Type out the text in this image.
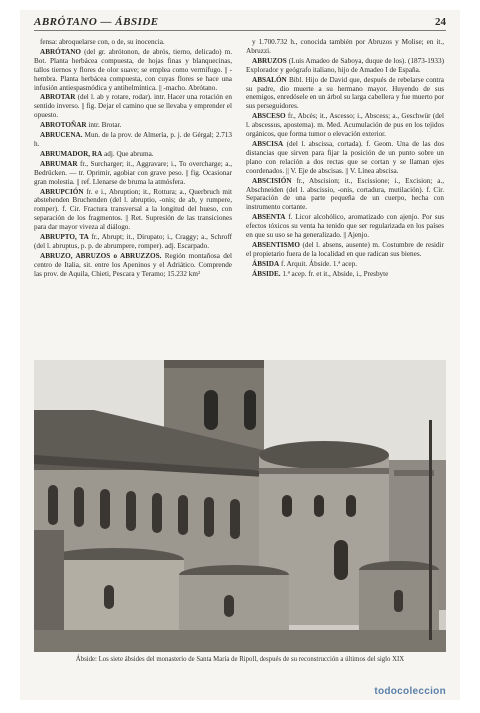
ABRÓTANO — ÁBSIDE	24

fensa: abroquelarse con, o de, su inocencia.

ABRÓTANO (del gr. abrótonon, de abrós, tierno, delicado) m. Bot. Planta herbácea compuesta, de hojas finas y blanquecinas, tallos tiernos y flores de olor suave; se emplea como vermífugo. || -hembra. Planta herbácea compuesta, con cuyas flores se hace una infusión antiespasmódica y antihelmíntica. || -macho. Abrótano.

ABROTAR (del l. ab y rotare, rodar). intr. Hacer una rotación en sentido inverso. || fig. Dejar el camino que se llevaba y emprender el opuesto.

ABROTOÑAR intr. Brotar.

ABRUCENA. Mun. de la prov. de Almería, p. j. de Gérgal; 2.713 h.

ABRUMADOR, RA adj. Que abruma.

ABRUMAR fr., Surcharger; it., Aggravare; i., To overcharge; a., Bedrücken. — tr. Oprimir, agobiar con grave peso. || fig. Ocasionar gran molestia. || ref. Llenarse de bruma la atmósfera.

ABRUPCIÓN fr. e i., Abruption; it., Rottura; a., Querbruch mit abstehenden Bruchenden (del l. abruptio, -onis; de ab, y rumpere, romper). f. Cir. Fractura transversal a la longitud del hueso, con separación de los fragmentos. || Ret. Supresión de las transiciones para dar mayor viveza al diálogo.

ABRUPTO, TA fr., Abrupt; it., Dirupato; i., Craggy; a., Schroff (del l. abruptus, p. p. de abrumpere, romper). adj. Escarpado.

ABRUZO, ABRUZOS o ABRUZZOS. Región montañosa del centro de Italia, sit. entre los Apeninos y el Adriático. Comprende las prov. de Aquila, Chieti, Pescara y Teramo; 15.232 km²

y 1.700.732 h., conocida también por Abruzos y Molise; en it., Abruzzi.

ABRUZOS (Luis Amadeo de Saboya, duque de los). (1873-1933) Explorador y geógrafo italiano, hijo de Amadeo I de España.

ABSALÓN Bibl. Hijo de David que, después de rebelarse contra su padre, dio muerte a su hermano mayor. Huyendo de sus enemigos, enredósele en un árbol su larga cabellera y fue muerto por sus perseguidores.

ABSCESO fr., Abcès; it., Ascesso; i., Abscess; a., Geschwür (del l. abscessus, apostema). m. Med. Acumulación de pus en los tejidos orgánicos, que forma tumor o elevación exterior.

ABSCISA (del l. abscissa, cortada). f. Geom. Una de las dos distancias que sirven para fijar la posición de un punto sobre un plano con relación a dos rectas que se cortan y se llaman ejes coordenados. || V. Eje de abscisas. || V. Línea abscisa.

ABSCISIÓN fr., Abscision; it., Escissione; i., Excision; a., Abschneiden (del l. abscissio, -onis, cortadura, mutilación). f. Cir. Separación de una parte pequeña de un cuerpo, hecha con instrumento cortante.

ABSENTA f. Licor alcohólico, aromatizado con ajenjo. Por sus efectos tóxicos su venta ha tenido que ser regularizada en los países en que su uso se ha generalizado. || Ajenjo.

ABSENTISMO (del l. absens, ausente) m. Costumbre de residir el propietario fuera de la localidad en que radican sus bienes.

ÁBSIDA f. Arquit. Ábside. 1.ª acep.

ÁBSIDE. 1.ª acep. fr. et it., Abside, i., Presbyte

Ábside: Los siete ábsides del monasterio de Santa María de Ripoll, después de su reconstrucción a últimos del siglo XIX
todocoleccion
